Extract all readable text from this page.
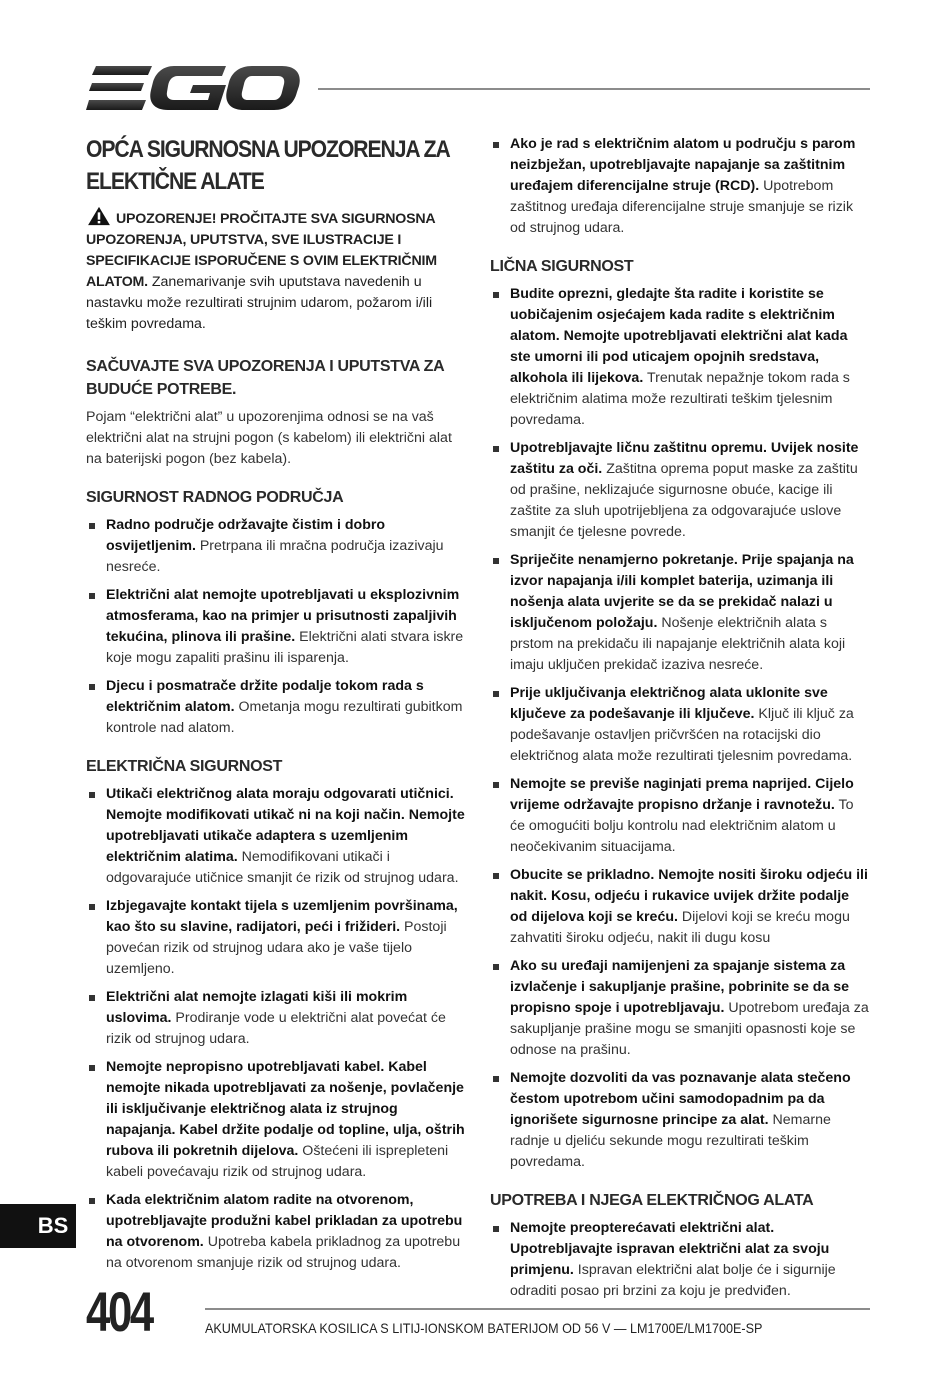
OPĆA SIGURNOSNA UPOZORENJA ZA ELEKTIČNE ALATE

UPOZORENJE! PROČITAJTE SVA SIGURNOSNA UPOZORENJA, UPUTSTVA, SVE ILUSTRACIJE I SPECIFIKACIJE ISPORUČENE S OVIM ELEKTRIČNIM ALATOM. Zanemarivanje svih uputstava navedenih u nastavku može rezultirati strujnim udarom, požarom i/ili teškim povredama.

SAČUVAJTE SVA UPOZORENJA I UPUTSTVA ZA BUDUĆE POTREBE.

Pojam “električni alat” u upozorenjima odnosi se na vaš električni alat na strujni pogon (s kabelom) ili električni alat na baterijski pogon (bez kabela).

SIGURNOST RADNOG PODRUČJA
Radno područje održavajte čistim i dobro osvijetljenim. Pretrpana ili mračna područja izazivaju nesreće.
Električni alat nemojte upotrebljavati u eksplozivnim atmosferama, kao na primjer u prisutnosti zapaljivih tekućina, plinova ili prašine. Električni alati stvara iskre koje mogu zapaliti prašinu ili isparenja.
Djecu i posmatrače držite podalje tokom rada s električnim alatom. Ometanja mogu rezultirati gubitkom kontrole nad alatom.
ELEKTRIČNA SIGURNOST
Utikači električnog alata moraju odgovarati utičnici. Nemojte modifikovati utikač ni na koji način. Nemojte upotrebljavati utikače adaptera s uzemljenim električnim alatima. Nemodifikovani utikači i odgovarajuće utičnice smanjit će rizik od strujnog udara.
Izbjegavajte kontakt tijela s uzemljenim površinama, kao što su slavine, radijatori, peći i frižideri. Postoji povećan rizik od strujnog udara ako je vaše tijelo uzemljeno.
Električni alat nemojte izlagati kiši ili mokrim uslovima. Prodiranje vode u električni alat povećat će rizik od strujnog udara.
Nemojte nepropisno upotrebljavati kabel. Kabel nemojte nikada upotrebljavati za nošenje, povlačenje ili isključivanje električnog alata iz strujnog napajanja. Kabel držite podalje od topline, ulja, oštrih rubova ili pokretnih dijelova. Oštećeni ili isprepleteni kabeli povećavaju rizik od strujnog udara.
Kada električnim alatom radite na otvorenom, upotrebljavajte produžni kabel prikladan za upotrebu na otvorenom. Upotreba kabela prikladnog za upotrebu na otvorenom smanjuje rizik od strujnog udara.
Ako je rad s električnim alatom u području s parom neizbježan, upotrebljavajte napajanje sa zaštitnim uređajem diferencijalne struje (RCD). Upotrebom zaštitnog uređaja diferencijalne struje smanjuje se rizik od strujnog udara.
LIČNA SIGURNOST
Budite oprezni, gledajte šta radite i koristite se uobičajenim osjećajem kada radite s električnim alatom. Nemojte upotrebljavati električni alat kada ste umorni ili pod uticajem opojnih sredstava, alkohola ili lijekova. Trenutak nepažnje tokom rada s električnim alatima može rezultirati teškim tjelesnim povredama.
Upotrebljavajte ličnu zaštitnu opremu. Uvijek nosite zaštitu za oči. Zaštitna oprema poput maske za zaštitu od prašine, neklizajuće sigurnosne obuće, kacige ili zaštite za sluh upotrijebljena za odgovarajuće uslove smanjit će tjelesne povrede.
Spriječite nenamjerno pokretanje. Prije spajanja na izvor napajanja i/ili komplet baterija, uzimanja ili nošenja alata uvjerite se da se prekidač nalazi u isključenom položaju. Nošenje električnih alata s prstom na prekidaču ili napajanje električnih alata koji imaju uključen prekidač izaziva nesreće.
Prije uključivanja električnog alata uklonite sve ključeve za podešavanje ili ključeve. Ključ ili ključ za podešavanje ostavljen pričvršćen na rotacijski dio električnog alata može rezultirati tjelesnim povredama.
Nemojte se previše naginjati prema naprijed. Cijelo vrijeme održavajte propisno držanje i ravnotežu. To će omogućiti bolju kontrolu nad električnim alatom u neočekivanim situacijama.
Obucite se prikladno. Nemojte nositi široku odjeću ili nakit. Kosu, odjeću i rukavice uvijek držite podalje od dijelova koji se kreću. Dijelovi koji se kreću mogu zahvatiti široku odjeću, nakit ili dugu kosu
Ako su uređaji namijenjeni za spajanje sistema za izvlačenje i sakupljanje prašine, pobrinite se da se propisno spoje i upotrebljavaju. Upotrebom uređaja za sakupljanje prašine mogu se smanjiti opasnosti koje se odnose na prašinu.
Nemojte dozvoliti da vas poznavanje alata stečeno čestom upotrebom učini samodopadnim pa da ignorišete sigurnosne principe za alat. Nemarne radnje u djeliću sekunde mogu rezultirati teškim povredama.
UPOTREBA I NJEGA ELEKTRIČNOG ALATA
Nemojte preopterećavati električni alat. Upotrebljavajte ispravan električni alat za svoju primjenu. Ispravan električni alat bolje će i sigurnije odraditi posao pri brzini za koju je predviđen.
BS
404	AKUMULATORSKA KOSILICA S LITIJ-IONSKOM BATERIJOM OD 56 V — LM1700E/LM1700E-SP
